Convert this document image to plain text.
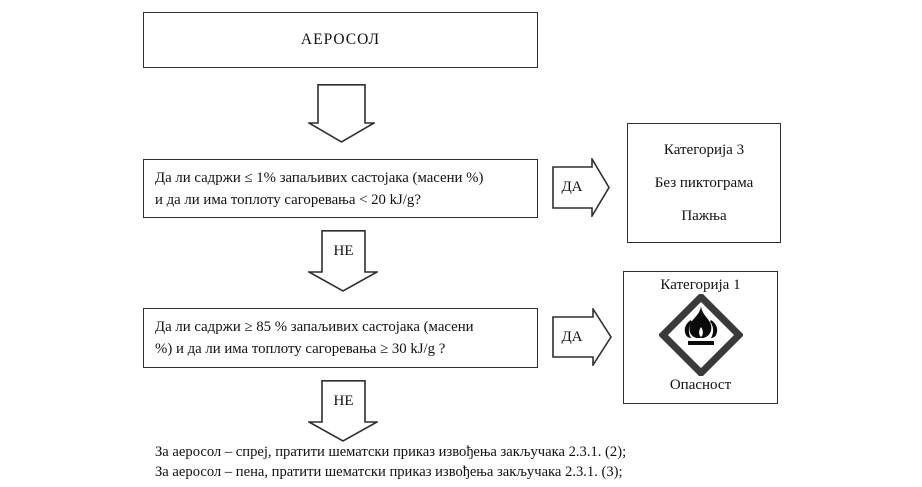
АЕРОСОЛ
Да ли садржи ≤ 1% запаљивих састојака (масени %)
и да ли има топлоту сагоревања < 20 kJ/g?
ДА
Категорија 3
Без пиктограма
Пажња
НЕ
Да ли садржи ≥ 85 % запаљивих састојака (масени
%) и да ли има топлоту сагоревања ≥ 30 kJ/g ?
ДА
Категорија 1
Опасност
НЕ
За аеросол – спреј, пратити шематски приказ извођења закључака 2.3.1. (2);
За аеросол – пена, пратити шематски приказ извођења закључака 2.3.1. (3);
